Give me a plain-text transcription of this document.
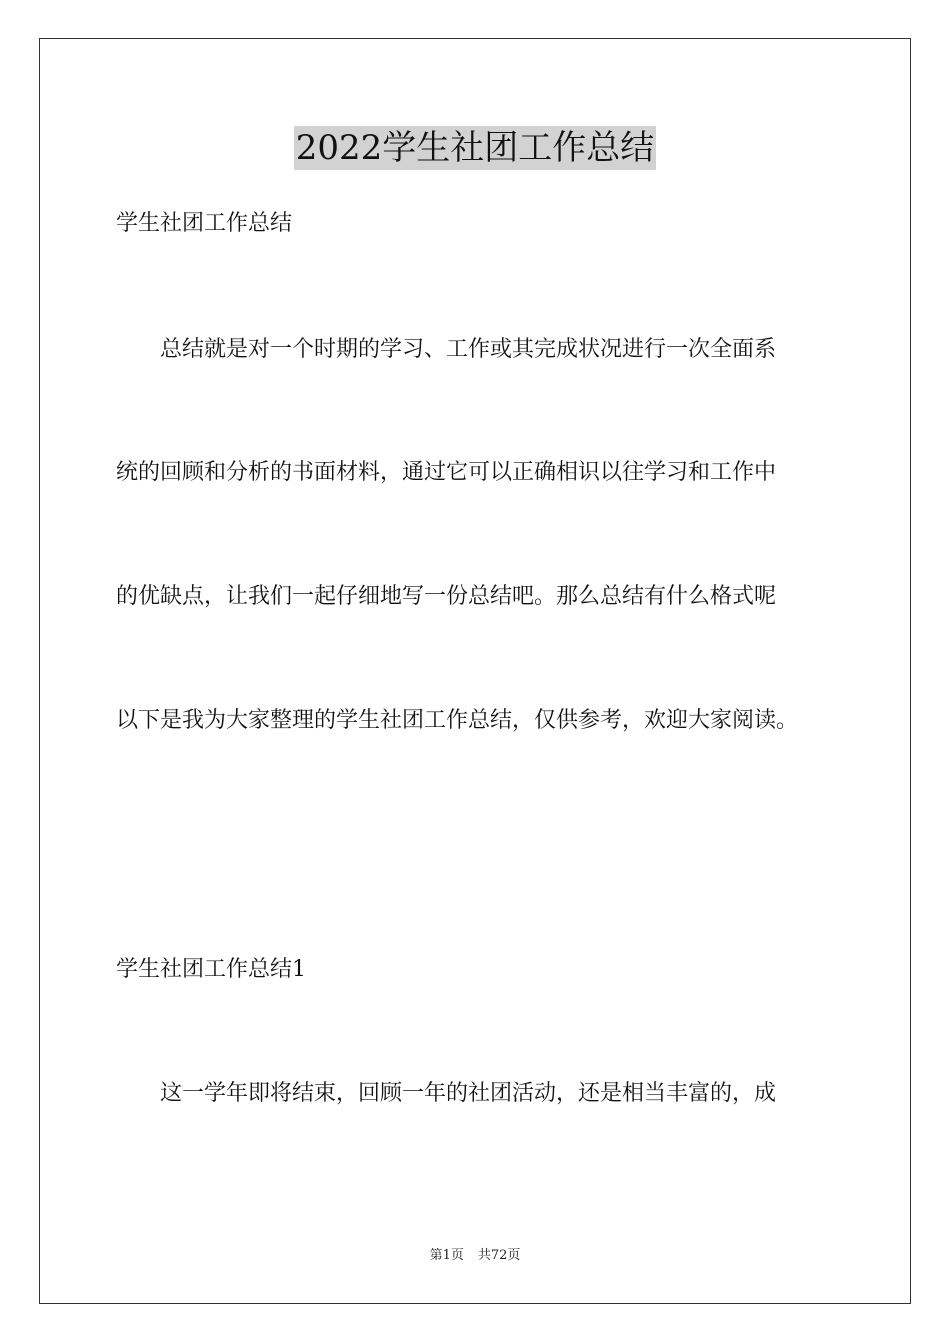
2022学生社团工作总结
学生社团工作总结
　　总结就是对一个时期的学习、工作或其完成状况进行一次全面系
统的回顾和分析的书面材料，通过它可以正确相识以往学习和工作中
的优缺点，让我们一起仔细地写一份总结吧。那么总结有什么格式呢
以下是我为大家整理的学生社团工作总结，仅供参考，欢迎大家阅读。
学生社团工作总结1
　　这一学年即将结束，回顾一年的社团活动，还是相当丰富的，成
第1页 共72页
